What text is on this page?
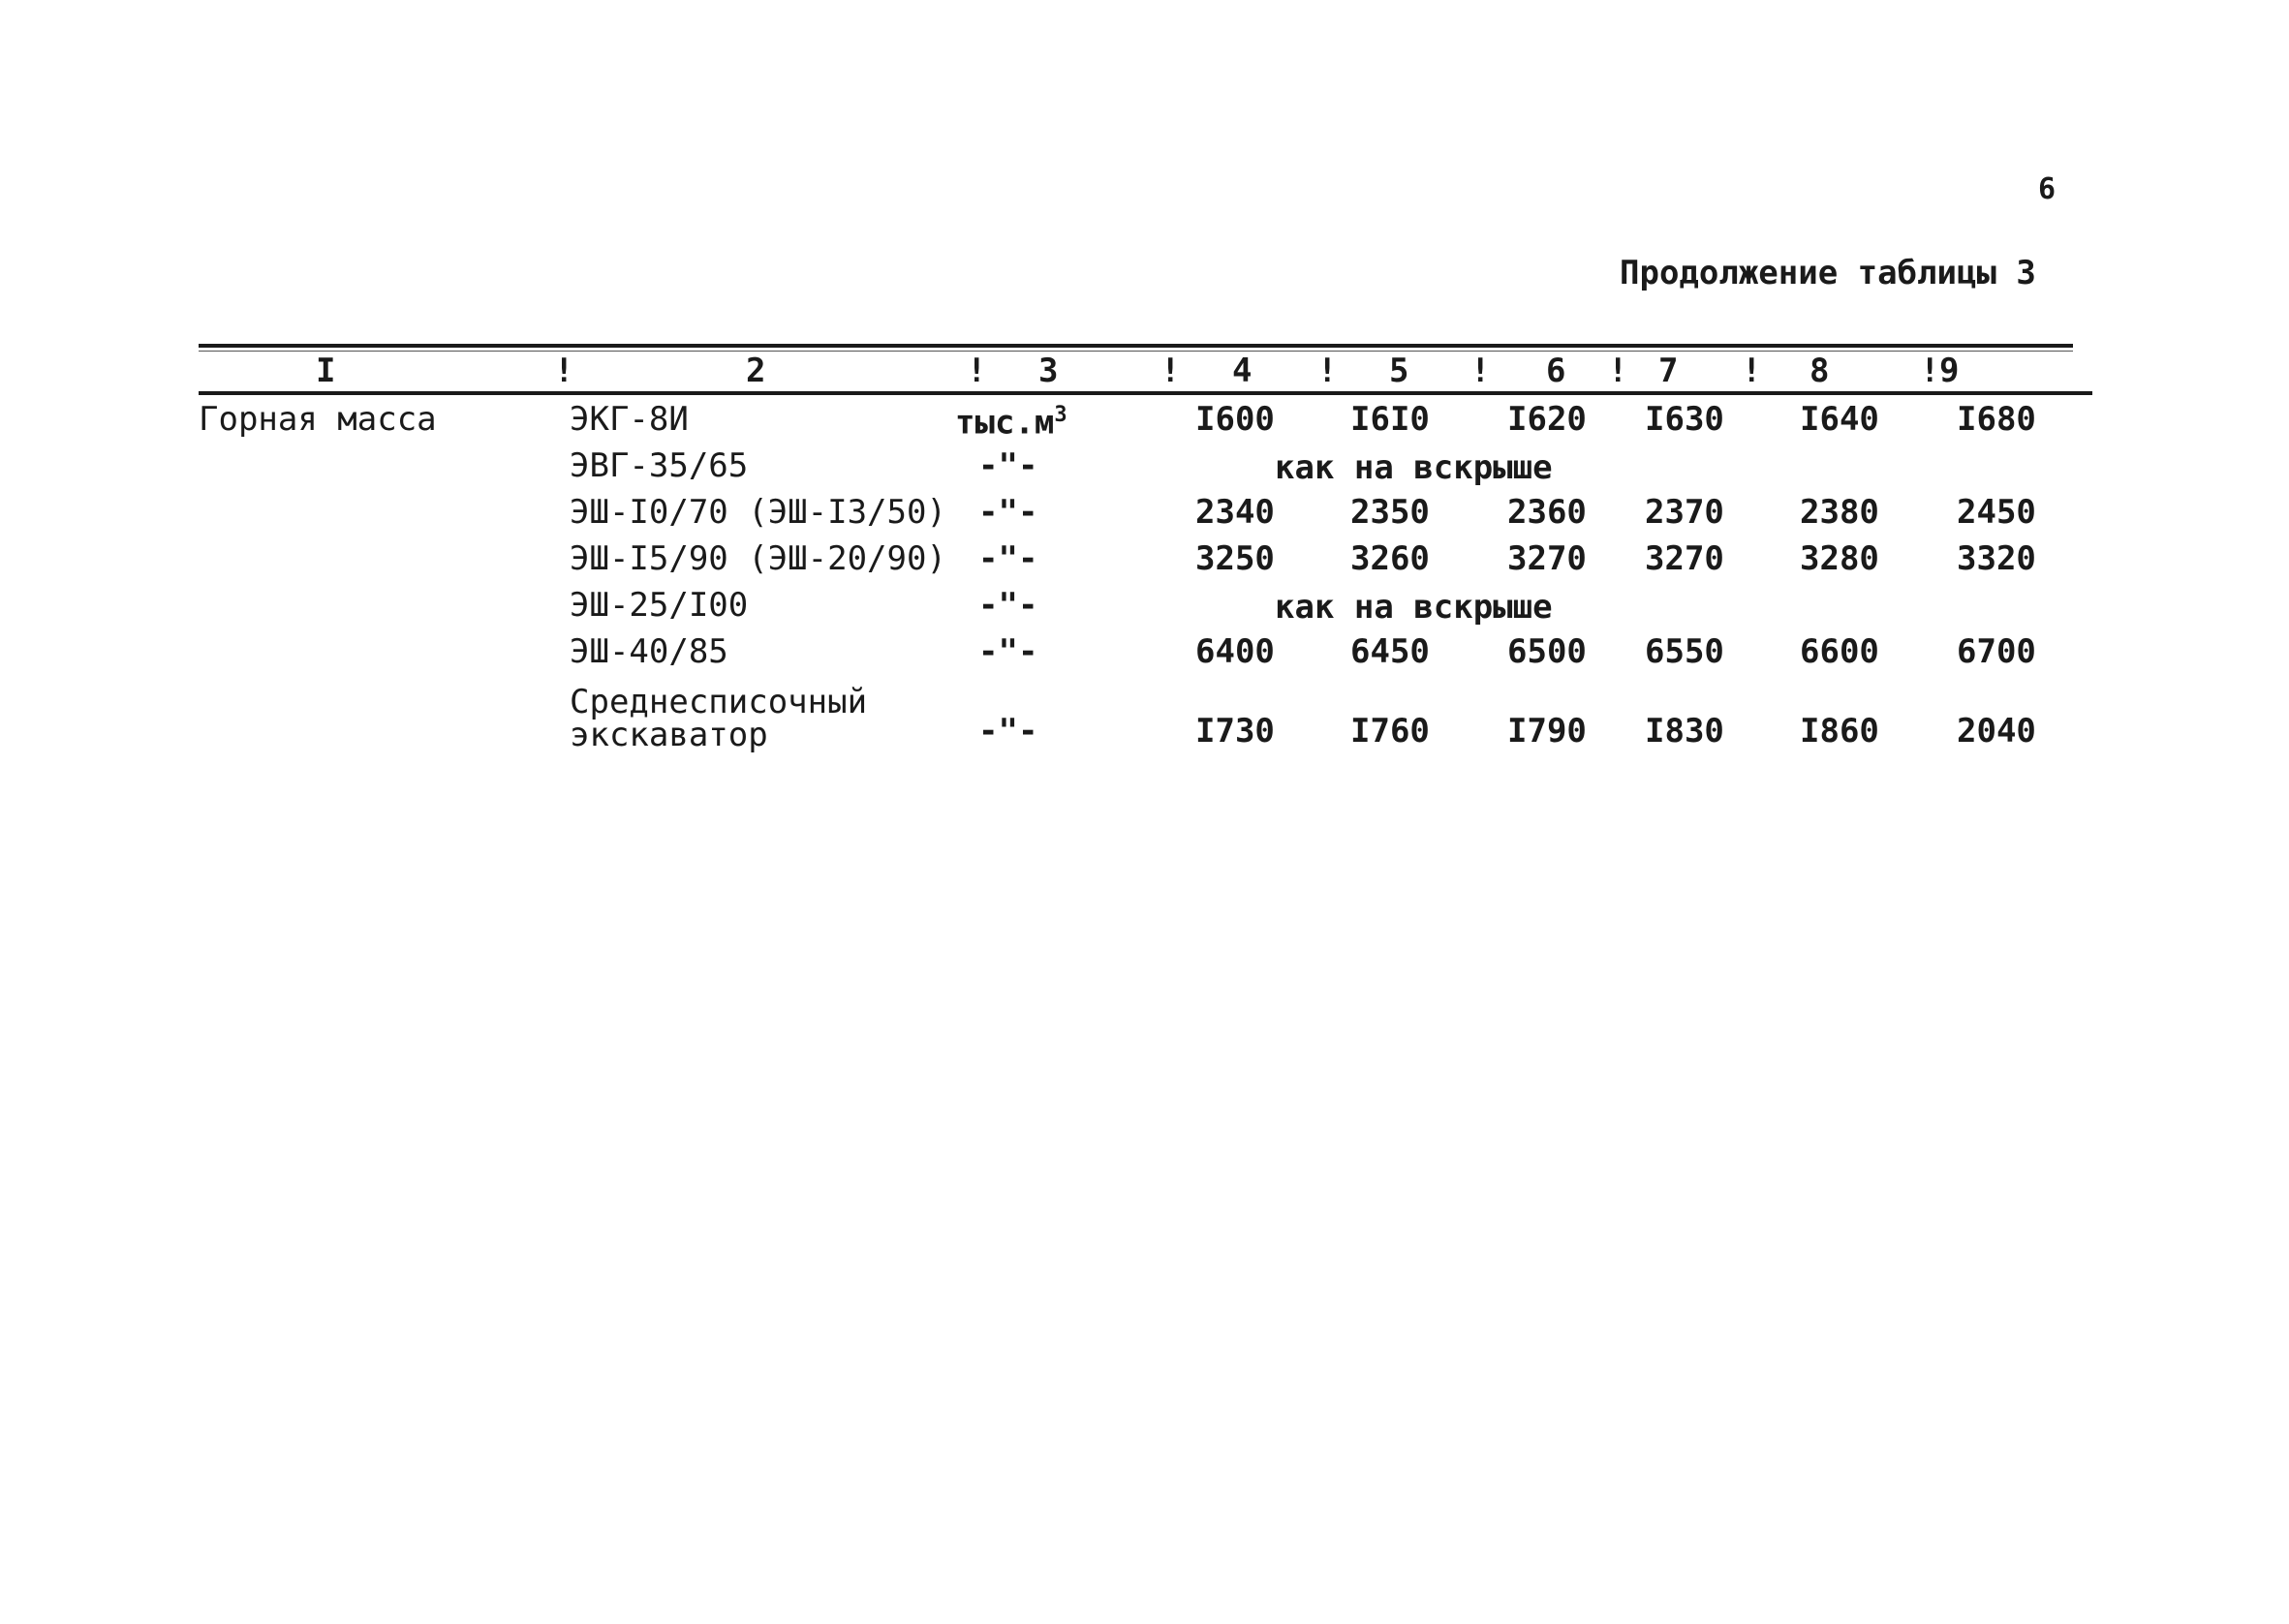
6
Продолжение таблицы 3
I	!	2	! 3	! 4 ! 5 ! 6 ! 7 ! 8	! 9
Горная масса	ЭКГ-8И	$тыс.м^3$	I600 I6I0 I620 I630 I640 I680
ЭВГ-35/65	-"-	как на вскрыше
ЭШ-I0/70 (ЭШ-I3/50) -"-	2340 2350 2360 2370 2380 2450
ЭШ-I5/90 (ЭШ-20/90) -"-	3250 3260 3270 3270 3280 3320
ЭШ-25/I00	-"-	как на вскрыше
ЭШ-40/85	-"-	6400 6450 6500 6550 6600 6700
Среднесписочный
экскаватор	-"-	I730 I760 I790 I830 I860 2040
